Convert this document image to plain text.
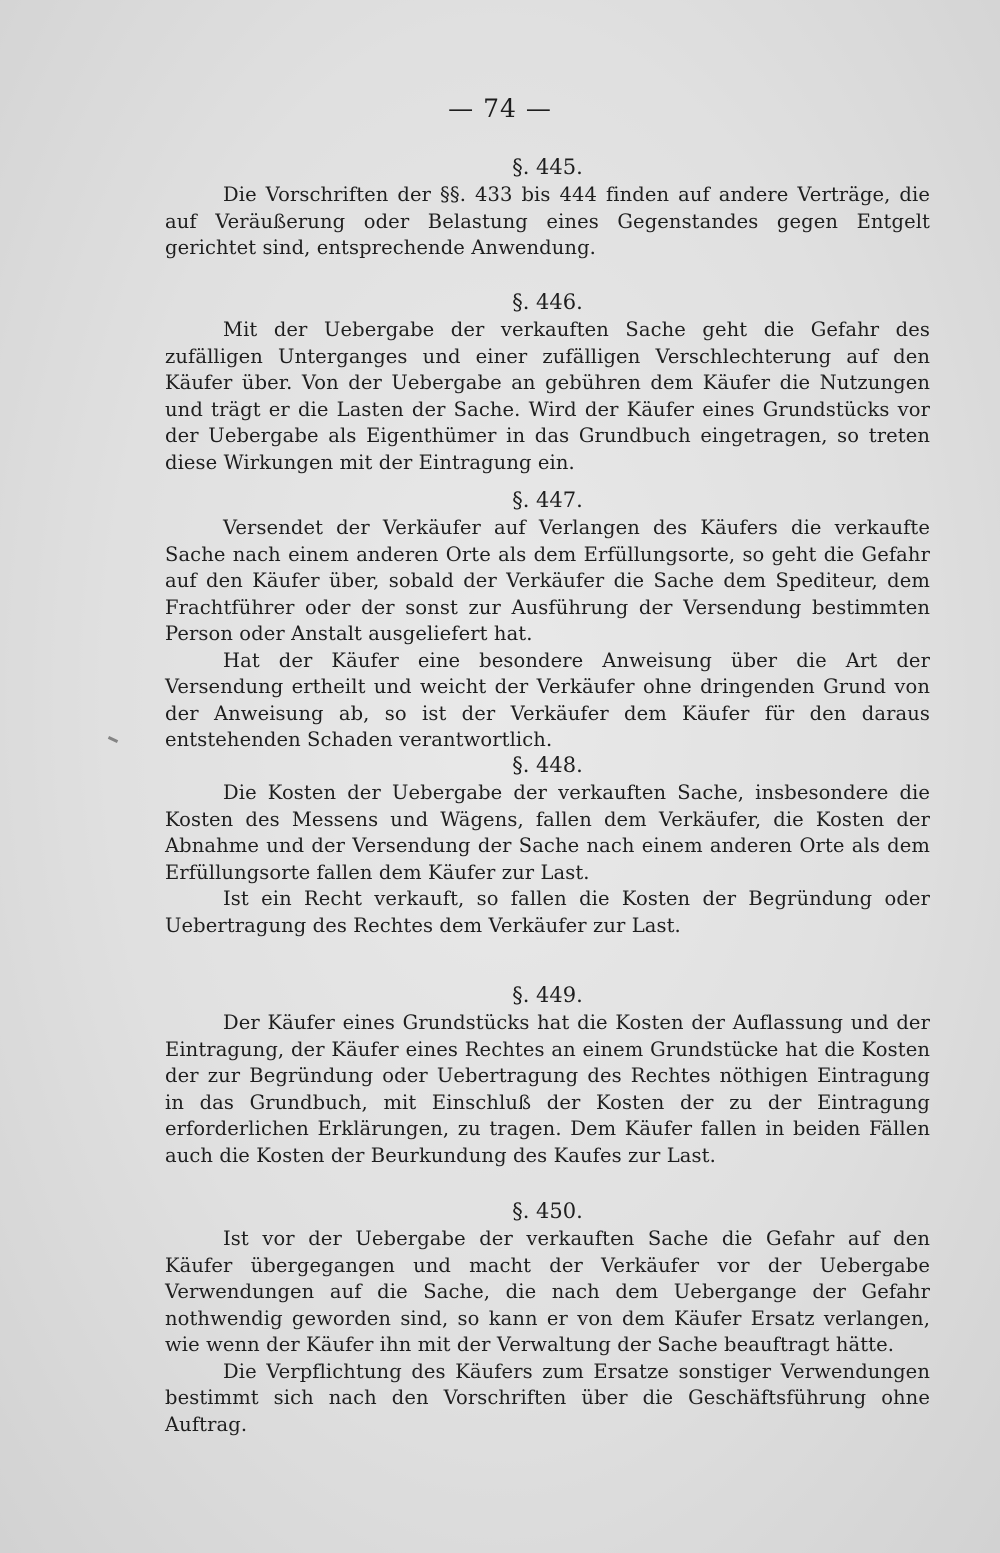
— 74 —
§. 445.

Die Vorschriften der §§. 433 bis 444 finden auf andere Verträge, die auf Veräußerung oder Belastung eines Gegenstandes gegen Entgelt gerichtet sind, entsprechende Anwendung.

§. 446.

Mit der Uebergabe der verkauften Sache geht die Gefahr des zufälligen Unterganges und einer zufälligen Verschlechterung auf den Käufer über. Von der Uebergabe an gebühren dem Käufer die Nutzungen und trägt er die Lasten der Sache. Wird der Käufer eines Grundstücks vor der Uebergabe als Eigenthümer in das Grundbuch eingetragen, so treten diese Wirkungen mit der Eintragung ein.

§. 447.

Versendet der Verkäufer auf Verlangen des Käufers die verkaufte Sache nach einem anderen Orte als dem Erfüllungsorte, so geht die Gefahr auf den Käufer über, sobald der Verkäufer die Sache dem Spediteur, dem Frachtführer oder der sonst zur Ausführung der Versendung bestimmten Person oder Anstalt ausgeliefert hat.

Hat der Käufer eine besondere Anweisung über die Art der Versendung ertheilt und weicht der Verkäufer ohne dringenden Grund von der Anweisung ab, so ist der Verkäufer dem Käufer für den daraus entstehenden Schaden verantwortlich.

§. 448.

Die Kosten der Uebergabe der verkauften Sache, insbesondere die Kosten des Messens und Wägens, fallen dem Verkäufer, die Kosten der Abnahme und der Versendung der Sache nach einem anderen Orte als dem Erfüllungsorte fallen dem Käufer zur Last.

Ist ein Recht verkauft, so fallen die Kosten der Begründung oder Uebertragung des Rechtes dem Verkäufer zur Last.

§. 449.

Der Käufer eines Grundstücks hat die Kosten der Auflassung und der Eintragung, der Käufer eines Rechtes an einem Grundstücke hat die Kosten der zur Begründung oder Uebertragung des Rechtes nöthigen Eintragung in das Grundbuch, mit Einschluß der Kosten der zu der Eintragung erforderlichen Erklärungen, zu tragen. Dem Käufer fallen in beiden Fällen auch die Kosten der Beurkundung des Kaufes zur Last.

§. 450.

Ist vor der Uebergabe der verkauften Sache die Gefahr auf den Käufer übergegangen und macht der Verkäufer vor der Uebergabe Verwendungen auf die Sache, die nach dem Uebergange der Gefahr nothwendig geworden sind, so kann er von dem Käufer Ersatz verlangen, wie wenn der Käufer ihn mit der Verwaltung der Sache beauftragt hätte.

Die Verpflichtung des Käufers zum Ersatze sonstiger Verwendungen bestimmt sich nach den Vorschriften über die Geschäftsführung ohne Auftrag.
